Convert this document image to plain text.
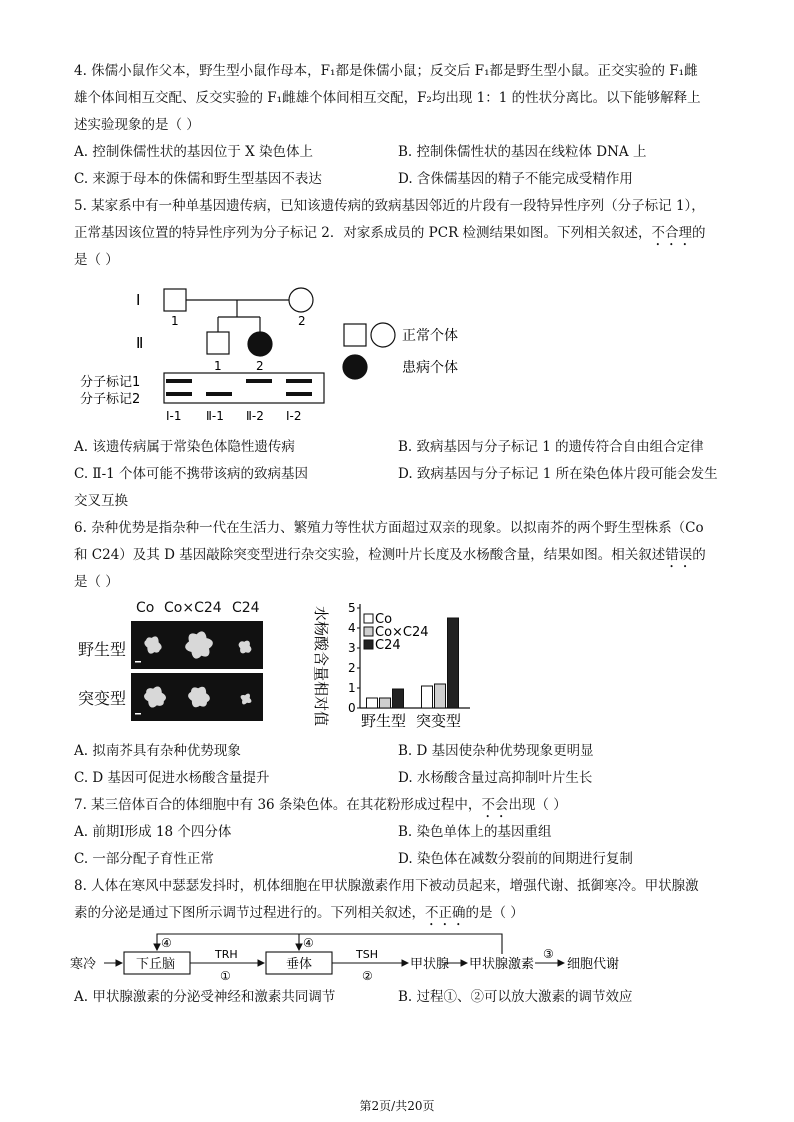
4. 侏儒小鼠作父本，野生型小鼠作母本，F₁都是侏儒小鼠；反交后 F₁都是野生型小鼠。正交实验的 F₁雌
雄个体间相互交配、反交实验的 F₁雌雄个体间相互交配，F₂均出现 1：1 的性状分离比。以下能够解释上
述实验现象的是（ ）
A. 控制侏儒性状的基因位于 X 染色体上	B. 控制侏儒性状的基因在线粒体 DNA 上
C. 来源于母本的侏儒和野生型基因不表达	D. 含侏儒基因的精子不能完成受精作用
5. 某家系中有一种单基因遗传病，已知该遗传病的致病基因邻近的片段有一段特异性序列（分子标记 1），
正常基因该位置的特异性序列为分子标记 2．对家系成员的 PCR 检测结果如图。下列相关叙述，不合理的
是（ ）
Ⅰ
Ⅱ
1	2
1	2
正常个体
患病个体
分子标记1
分子标记2
Ⅰ-1 Ⅱ-1 Ⅱ-2 Ⅰ-2
A. 该遗传病属于常染色体隐性遗传病	B. 致病基因与分子标记 1 的遗传符合自由组合定律
C. Ⅱ-1 个体可能不携带该病的致病基因	D. 致病基因与分子标记 1 所在染色体片段可能会发生
交叉互换
6. 杂种优势是指杂种一代在生活力、繁殖力等性状方面超过双亲的现象。以拟南芥的两个野生型株系（Co
和 C24）及其 D 基因敲除突变型进行杂交实验，检测叶片长度及水杨酸含量，结果如图。相关叙述错误的
是（ ）
Co Co×C24 C24
野生型
突变型	水杨酸含量相对值 0
1
2
3
4
5
野生型 突变型
Co
Co×C24
C24
A. 拟南芥具有杂种优势现象	B. D 基因使杂种优势现象更明显
C. D 基因可促进水杨酸含量提升	D. 水杨酸含量过高抑制叶片生长
7. 某三倍体百合的体细胞中有 36 条染色体。在其花粉形成过程中，不会出现（ ）
A. 前期Ⅰ形成 18 个四分体	B. 染色单体上的基因重组
C. 一部分配子育性正常	D. 染色体在减数分裂前的间期进行复制
8. 人体在寒风中瑟瑟发抖时，机体细胞在甲状腺激素作用下被动员起来，增强代谢、抵御寒冷。甲状腺激
素的分泌是通过下图所示调节过程进行的。下列相关叙述，不正确的是（ ）
寒冷	下丘脑	垂体	甲状腺 甲状腺激素	细胞代谢
TRH	TSH
①	②
③
④	④
A. 甲状腺激素的分泌受神经和激素共同调节	B. 过程①、②可以放大激素的调节效应
第2页/共20页
